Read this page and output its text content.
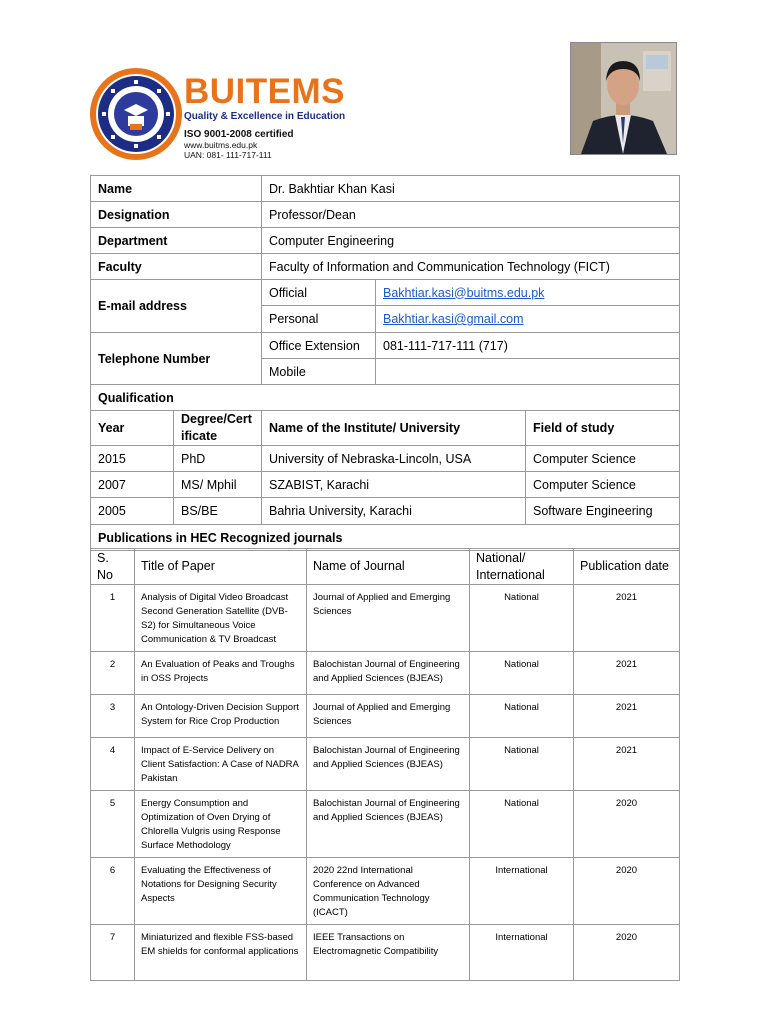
BUITEMS
Quality & Excellence in Education
ISO 9001-2008 certified
www.buitms.edu.pk
UAN: 081- 111-717-111
Name		Dr. Bakhtiar Khan Kasi		
Designation		Professor/Dean		
Department		Computer Engineering		
Faculty		Faculty of Information and Communication Technology (FICT)		
E-mail address		Official	Bakhtiar.kasi@buitms.edu.pk	
		Personal	Bakhtiar.kasi@gmail.com	
Telephone Number		Office Extension	081-111-717-111 (717)	
		Mobile		
Qualification				
Year	Degree/Cert ificate	Name of the Institute/ University		Field of study
2015	PhD	University of Nebraska-Lincoln, USA		Computer Science
2007	MS/ Mphil	SZABIST, Karachi		Computer Science
2005	BS/BE	Bahria University, Karachi		Software Engineering
Publications in HEC Recognized journals				
S. No	Title of Paper	Name of Journal	National/ International	Publication date
1	Analysis of Digital Video Broadcast Second Generation Satellite (DVB-S2) for Simultaneous Voice Communication & TV Broadcast	Journal of Applied and Emerging Sciences	National	2021
2	An Evaluation of Peaks and Troughs in OSS Projects	Balochistan Journal of Engineering and Applied Sciences (BJEAS)	National	2021
3	An Ontology-Driven Decision Support System for Rice Crop Production	Journal of Applied and Emerging Sciences	National	2021
4	Impact of E-Service Delivery on Client Satisfaction: A Case of NADRA Pakistan	Balochistan Journal of Engineering and Applied Sciences (BJEAS)	National	2021
5	Energy Consumption and Optimization of Oven Drying of Chlorella Vulgris using Response Surface Methodology	Balochistan Journal of Engineering and Applied Sciences (BJEAS)	National	2020
6	Evaluating the Effectiveness of Notations for Designing Security Aspects	2020 22nd International Conference on Advanced Communication Technology (ICACT)	International	2020
7	Miniaturized and flexible FSS-based EM shields for conformal applications	IEEE Transactions on Electromagnetic Compatibility	International	2020
